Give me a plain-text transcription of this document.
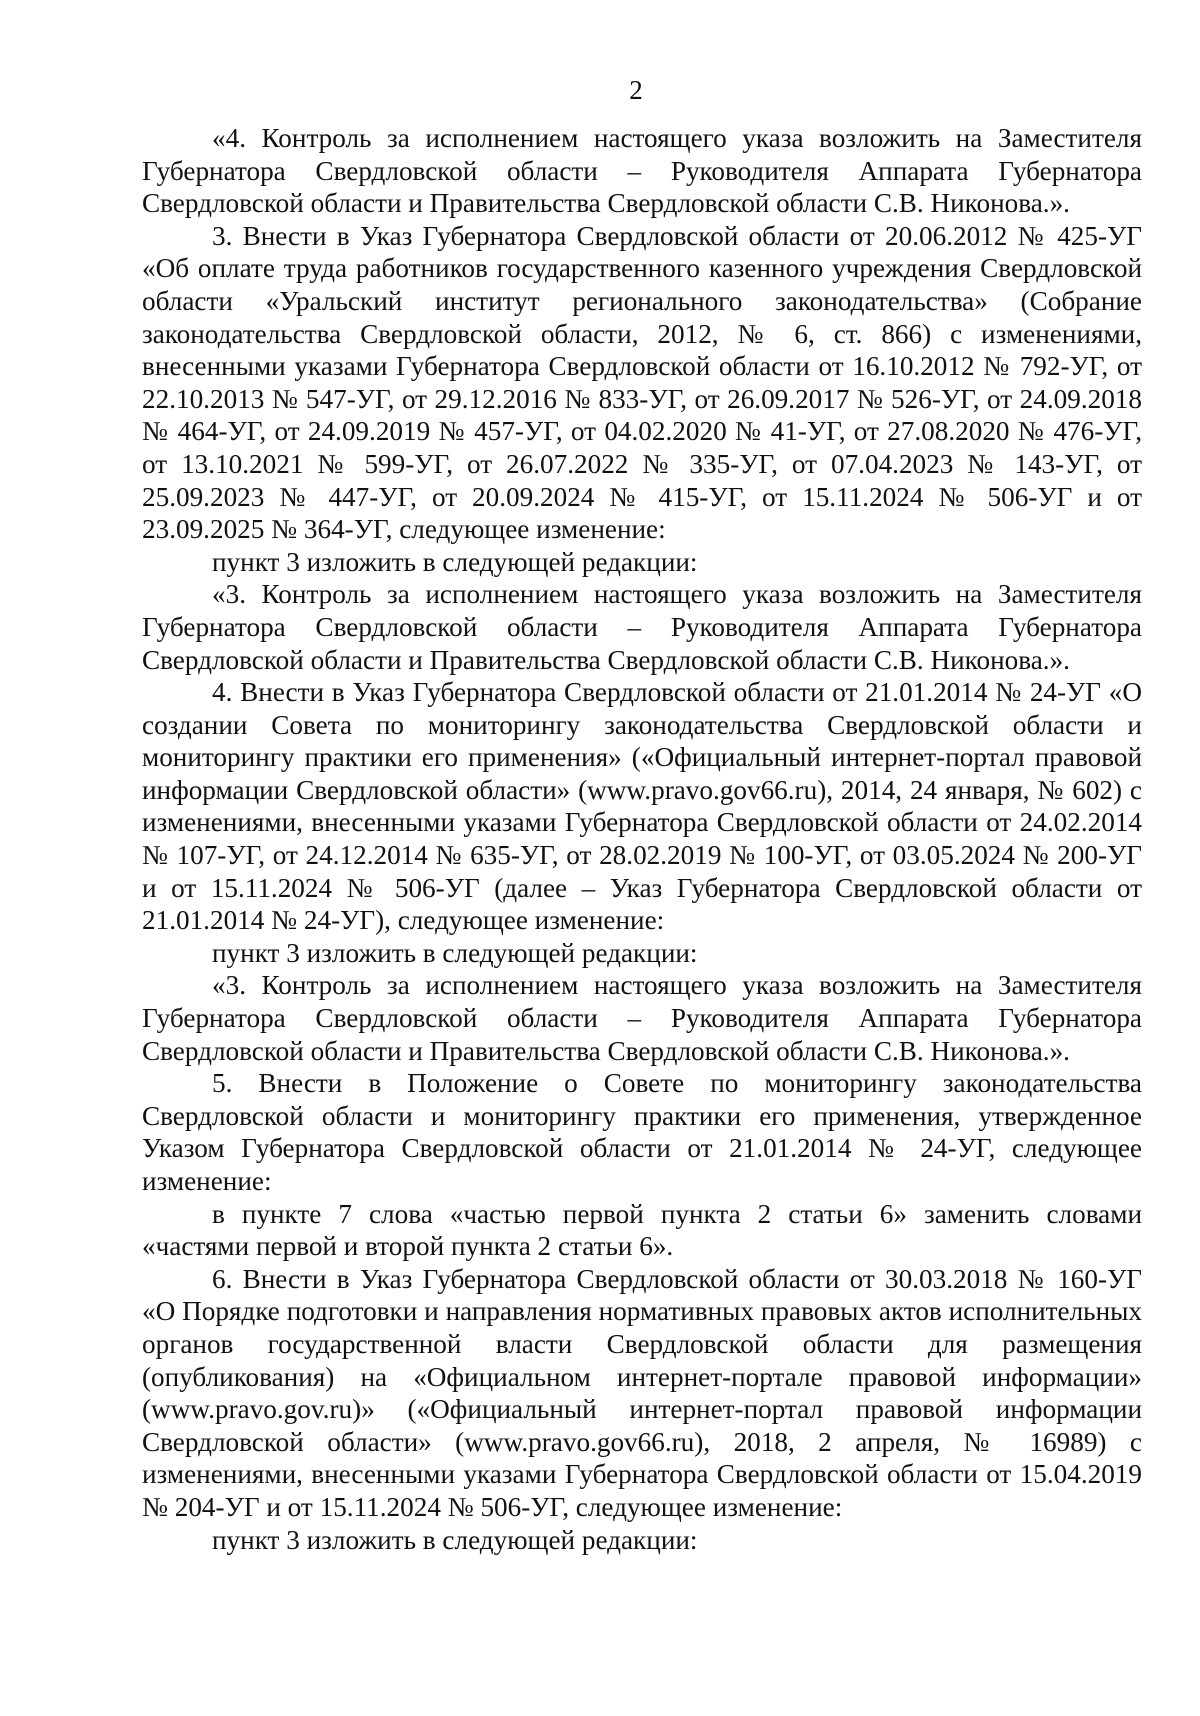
2

«4. Контроль за исполнением настоящего указа возложить на Заместителя Губернатора Свердловской области – Руководителя Аппарата Губернатора Свердловской области и Правительства Свердловской области С.В. Никонова.».

3. Внести в Указ Губернатора Свердловской области от 20.06.2012 № 425-УГ «Об оплате труда работников государственного казенного учреждения Свердловской области «Уральский институт регионального законодательства» (Собрание законодательства Свердловской области, 2012, № 6, ст. 866) с изменениями, внесенными указами Губернатора Свердловской области от 16.10.2012 № 792-УГ, от 22.10.2013 № 547-УГ, от 29.12.2016 № 833-УГ, от 26.09.2017 № 526-УГ, от 24.09.2018 № 464-УГ, от 24.09.2019 № 457-УГ, от 04.02.2020 № 41-УГ, от 27.08.2020 № 476-УГ, от 13.10.2021 № 599-УГ, от 26.07.2022 № 335-УГ, от 07.04.2023 № 143-УГ, от 25.09.2023 № 447-УГ, от 20.09.2024 № 415-УГ, от 15.11.2024 № 506-УГ и от 23.09.2025 № 364-УГ, следующее изменение:

пункт 3 изложить в следующей редакции:

«3. Контроль за исполнением настоящего указа возложить на Заместителя Губернатора Свердловской области – Руководителя Аппарата Губернатора Свердловской области и Правительства Свердловской области С.В. Никонова.».

4. Внести в Указ Губернатора Свердловской области от 21.01.2014 № 24-УГ «О создании Совета по мониторингу законодательства Свердловской области и мониторингу практики его применения» («Официальный интернет-портал правовой информации Свердловской области» (www.pravo.gov66.ru), 2014, 24 января, № 602) с изменениями, внесенными указами Губернатора Свердловской области от 24.02.2014 № 107-УГ, от 24.12.2014 № 635-УГ, от 28.02.2019 № 100-УГ, от 03.05.2024 № 200-УГ и от 15.11.2024 № 506-УГ (далее – Указ Губернатора Свердловской области от 21.01.2014 № 24-УГ), следующее изменение:

пункт 3 изложить в следующей редакции:

«3. Контроль за исполнением настоящего указа возложить на Заместителя Губернатора Свердловской области – Руководителя Аппарата Губернатора Свердловской области и Правительства Свердловской области С.В. Никонова.».

5. Внести в Положение о Совете по мониторингу законодательства Свердловской области и мониторингу практики его применения, утвержденное Указом Губернатора Свердловской области от 21.01.2014 № 24-УГ, следующее изменение:

в пункте 7 слова «частью первой пункта 2 статьи 6» заменить словами «частями первой и второй пункта 2 статьи 6».

6. Внести в Указ Губернатора Свердловской области от 30.03.2018 № 160-УГ «О Порядке подготовки и направления нормативных правовых актов исполнительных органов государственной власти Свердловской области для размещения (опубликования) на «Официальном интернет-портале правовой информации» (www.pravo.gov.ru)» («Официальный интернет-портал правовой информации Свердловской области» (www.pravo.gov66.ru), 2018, 2 апреля, № 16989) с изменениями, внесенными указами Губернатора Свердловской области от 15.04.2019 № 204-УГ и от 15.11.2024 № 506-УГ, следующее изменение:

пункт 3 изложить в следующей редакции:
